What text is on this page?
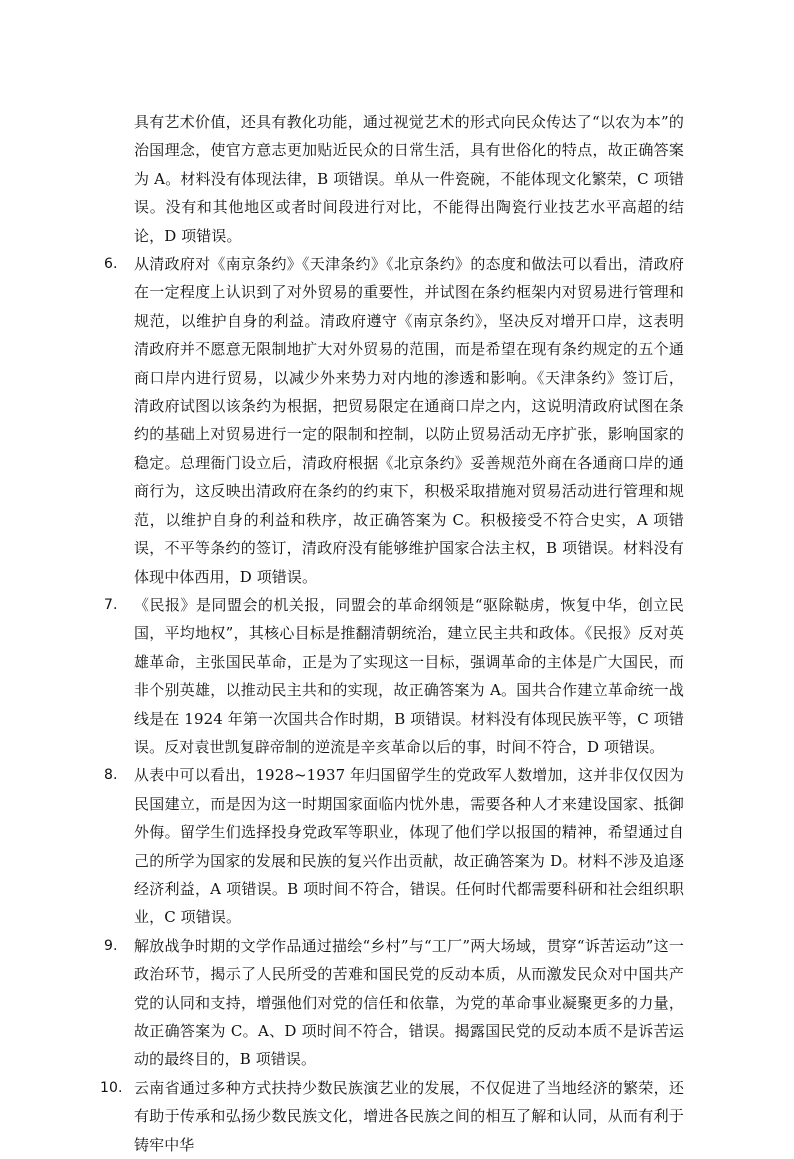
具有艺术价值，还具有教化功能，通过视觉艺术的形式向民众传达了“以农为本”的治国理念，使官方意志更加贴近民众的日常生活，具有世俗化的特点，故正确答案为 A。材料没有体现法律，B 项错误。单从一件瓷碗，不能体现文化繁荣，C 项错误。没有和其他地区或者时间段进行对比，不能得出陶瓷行业技艺水平高超的结论，D 项错误。

6. 从清政府对《南京条约》《天津条约》《北京条约》的态度和做法可以看出，清政府在一定程度上认识到了对外贸易的重要性，并试图在条约框架内对贸易进行管理和规范，以维护自身的利益。清政府遵守《南京条约》，坚决反对增开口岸，这表明清政府并不愿意无限制地扩大对外贸易的范围，而是希望在现有条约规定的五个通商口岸内进行贸易，以减少外来势力对内地的渗透和影响。《天津条约》签订后，清政府试图以该条约为根据，把贸易限定在通商口岸之内，这说明清政府试图在条约的基础上对贸易进行一定的限制和控制，以防止贸易活动无序扩张，影响国家的稳定。总理衙门设立后，清政府根据《北京条约》妥善规范外商在各通商口岸的通商行为，这反映出清政府在条约的约束下，积极采取措施对贸易活动进行管理和规范，以维护自身的利益和秩序，故正确答案为 C。积极接受不符合史实，A 项错误，不平等条约的签订，清政府没有能够维护国家合法主权，B 项错误。材料没有体现中体西用，D 项错误。

7. 《民报》是同盟会的机关报，同盟会的革命纲领是“驱除鞑虏，恢复中华，创立民国，平均地权”，其核心目标是推翻清朝统治，建立民主共和政体。《民报》反对英雄革命，主张国民革命，正是为了实现这一目标，强调革命的主体是广大国民，而非个别英雄，以推动民主共和的实现，故正确答案为 A。国共合作建立革命统一战线是在 1924 年第一次国共合作时期，B 项错误。材料没有体现民族平等，C 项错误。反对袁世凯复辟帝制的逆流是辛亥革命以后的事，时间不符合，D 项错误。

8. 从表中可以看出，1928~1937 年归国留学生的党政军人数增加，这并非仅仅因为民国建立，而是因为这一时期国家面临内忧外患，需要各种人才来建设国家、抵御外侮。留学生们选择投身党政军等职业，体现了他们学以报国的精神，希望通过自己的所学为国家的发展和民族的复兴作出贡献，故正确答案为 D。材料不涉及追逐经济利益，A 项错误。B 项时间不符合，错误。任何时代都需要科研和社会组织职业，C 项错误。

9. 解放战争时期的文学作品通过描绘“乡村”与“工厂”两大场域，贯穿“诉苦运动”这一政治环节，揭示了人民所受的苦难和国民党的反动本质，从而激发民众对中国共产党的认同和支持，增强他们对党的信任和依靠，为党的革命事业凝聚更多的力量，故正确答案为 C。A、D 项时间不符合，错误。揭露国民党的反动本质不是诉苦运动的最终目的，B 项错误。

10. 云南省通过多种方式扶持少数民族演艺业的发展，不仅促进了当地经济的繁荣，还有助于传承和弘扬少数民族文化，增进各民族之间的相互了解和认同，从而有利于铸牢中华
